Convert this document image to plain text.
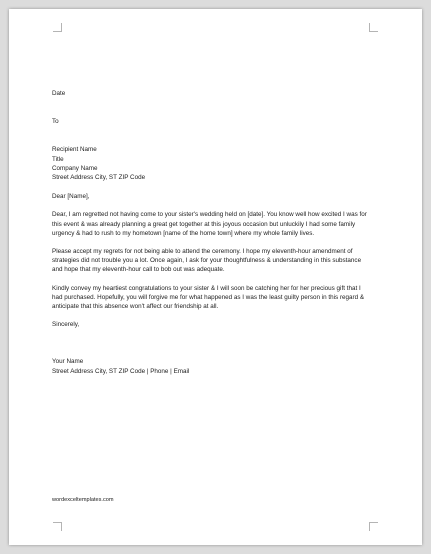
Date

To

Recipient Name

Title

Company Name

Street Address City, ST ZIP Code

Dear [Name],

Dear, I am regretted not having come to your sister's wedding held on [date]. You know well how excited I was for this event & was already planning a great get together at this joyous occasion but unluckily I had some family urgency & had to rush to my hometown [name of the home town] where my whole family lives.

Please accept my regrets for not being able to attend the ceremony. I hope my eleventh-hour amendment of strategies did not trouble you a lot. Once again, I ask for your thoughtfulness & understanding in this substance and hope that my eleventh-hour call to bob out was adequate.

Kindly convey my heartiest congratulations to your sister & I will soon be catching her for her precious gift that I had purchased. Hopefully, you will forgive me for what happened as I was the least guilty person in this regard & anticipate that this absence won't affect our friendship at all.

Sincerely,

Your Name

Street Address City, ST ZIP Code | Phone | Email

wordexceltemplates.com
